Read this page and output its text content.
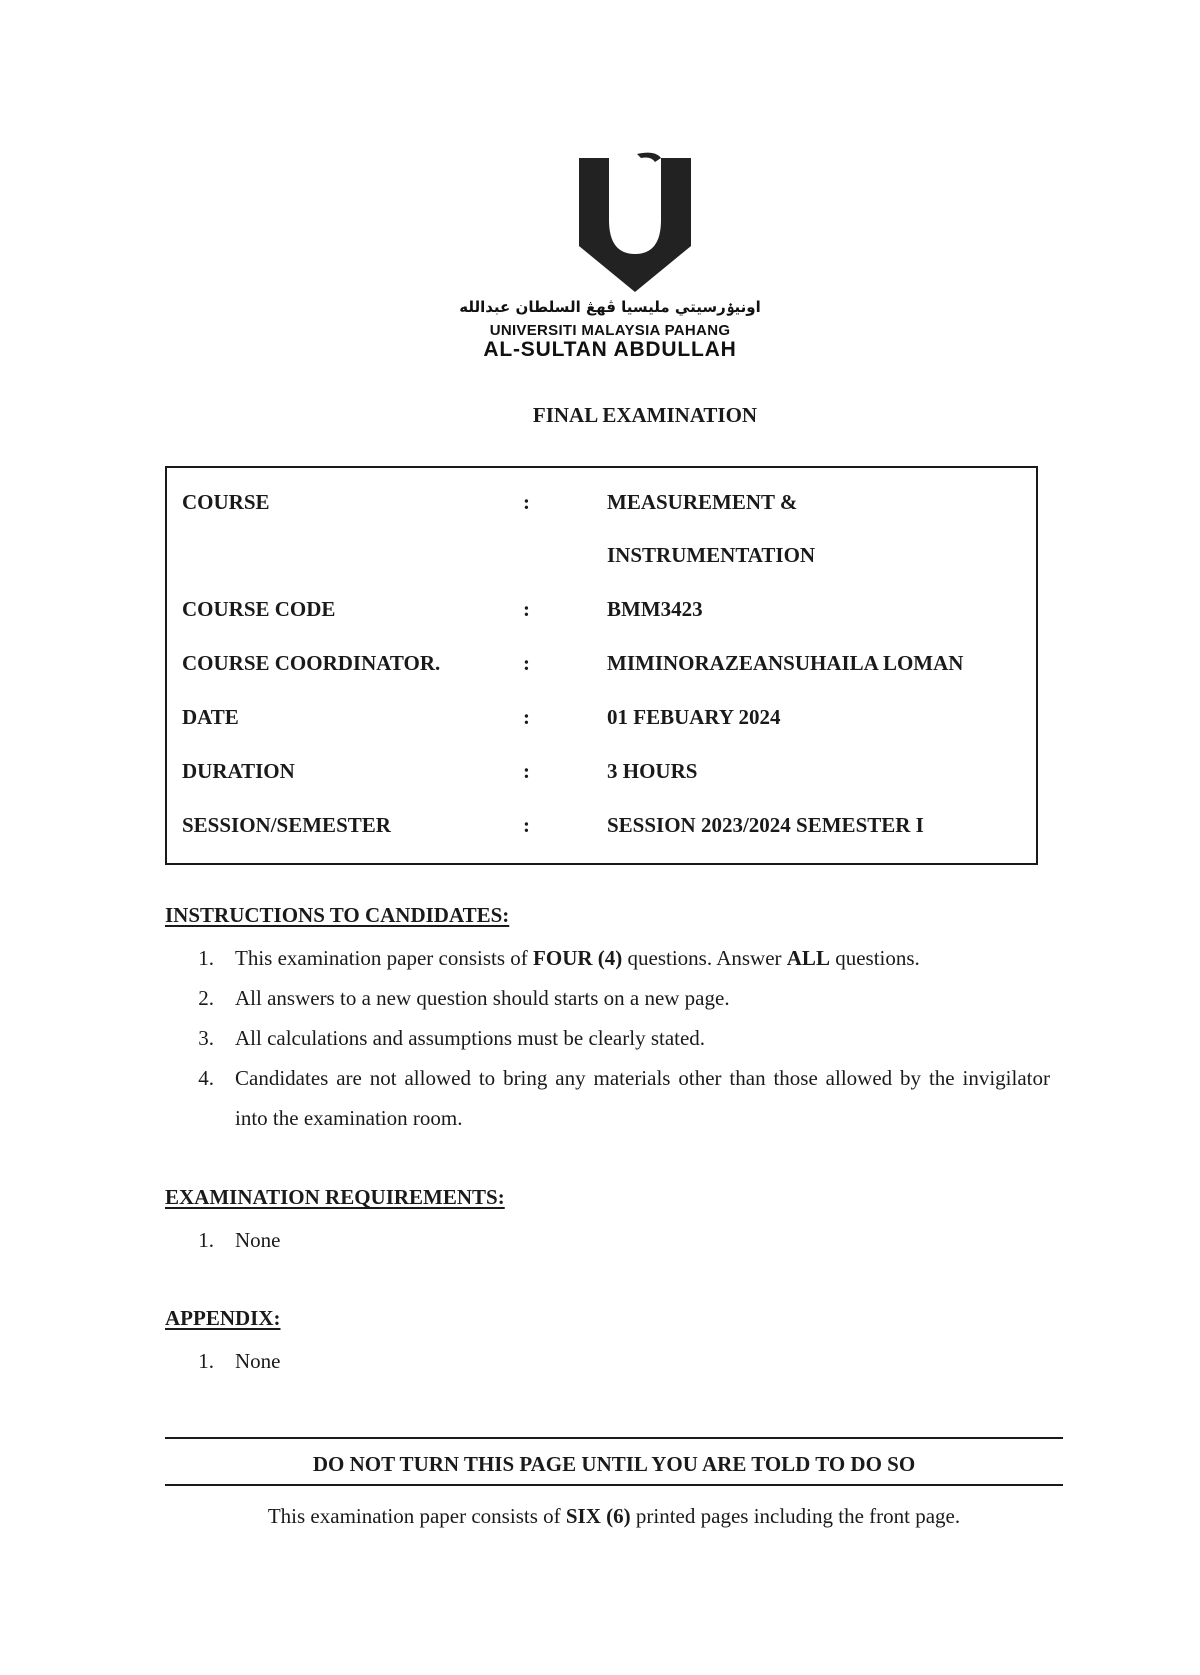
UMPSA
اونيۏرسيتي مليسيا ڤهڠ السلطان عبدالله
UNIVERSITI MALAYSIA PAHANG
AL-SULTAN ABDULLAH
FINAL EXAMINATION
COURSE	:	MEASUREMENT &
INSTRUMENTATION
COURSE CODE	:	BMM3423
COURSE COORDINATOR.	:	MIMINORAZEANSUHAILA LOMAN
DATE	:	01 FEBUARY 2024
DURATION	:	3 HOURS
SESSION/SEMESTER	:	SESSION 2023/2024 SEMESTER I
INSTRUCTIONS TO CANDIDATES:
1. This examination paper consists of FOUR (4) questions. Answer ALL questions.
2. All answers to a new question should starts on a new page.
3. All calculations and assumptions must be clearly stated.
4. Candidates are not allowed to bring any materials other than those allowed by the invigilator into the examination room.
EXAMINATION REQUIREMENTS:
1. None
APPENDIX:
1. None
DO NOT TURN THIS PAGE UNTIL YOU ARE TOLD TO DO SO
This examination paper consists of SIX (6) printed pages including the front page.
